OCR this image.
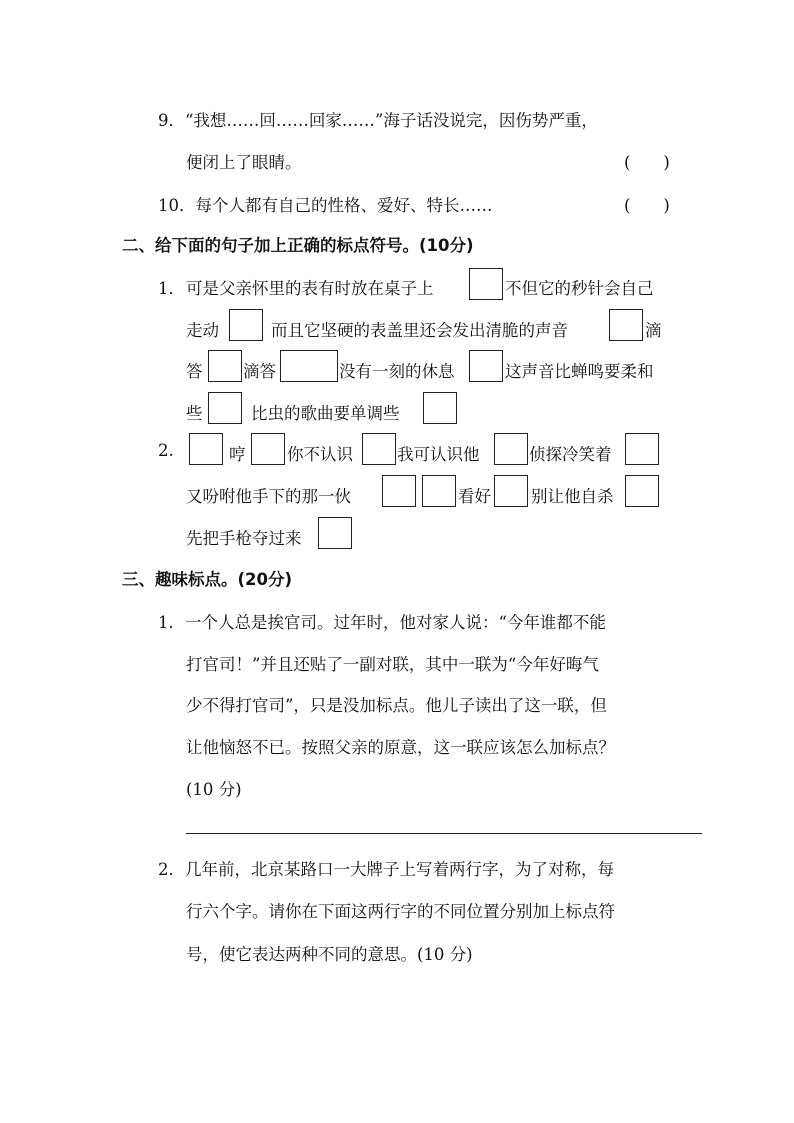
9．“我想……回……回家……”海子话没说完，因伤势严重，
便闭上了眼睛。	(　　)
10．每个人都有自己的性格、爱好、特长……	(　　)
二、给下面的句子加上正确的标点符号。(10分)
1． 可是父亲怀里的表有时放在桌子上	不但它的秒针会自己
走动	而且它坚硬的表盖里还会发出清脆的声音	滴
答 滴答	没有一刻的休息	这声音比蝉鸣要柔和
些	比虫的歌曲要单调些
2.	哼	你不认识	我可认识他	侦探冷笑着
又吩咐他手下的那一伙	看好 别让他自杀
先把手枪夺过来
三、趣味标点。(20分)
1．一个人总是挨官司。过年时，他对家人说：“今年谁都不能
打官司！”并且还贴了一副对联，其中一联为“今年好晦气
少不得打官司”，只是没加标点。他儿子读出了这一联，但
让他恼怒不已。按照父亲的原意，这一联应该怎么加标点？
(10 分)
2．几年前，北京某路口一大牌子上写着两行字，为了对称，每
行六个字。请你在下面这两行字的不同位置分别加上标点符
号，使它表达两种不同的意思。(10 分)
